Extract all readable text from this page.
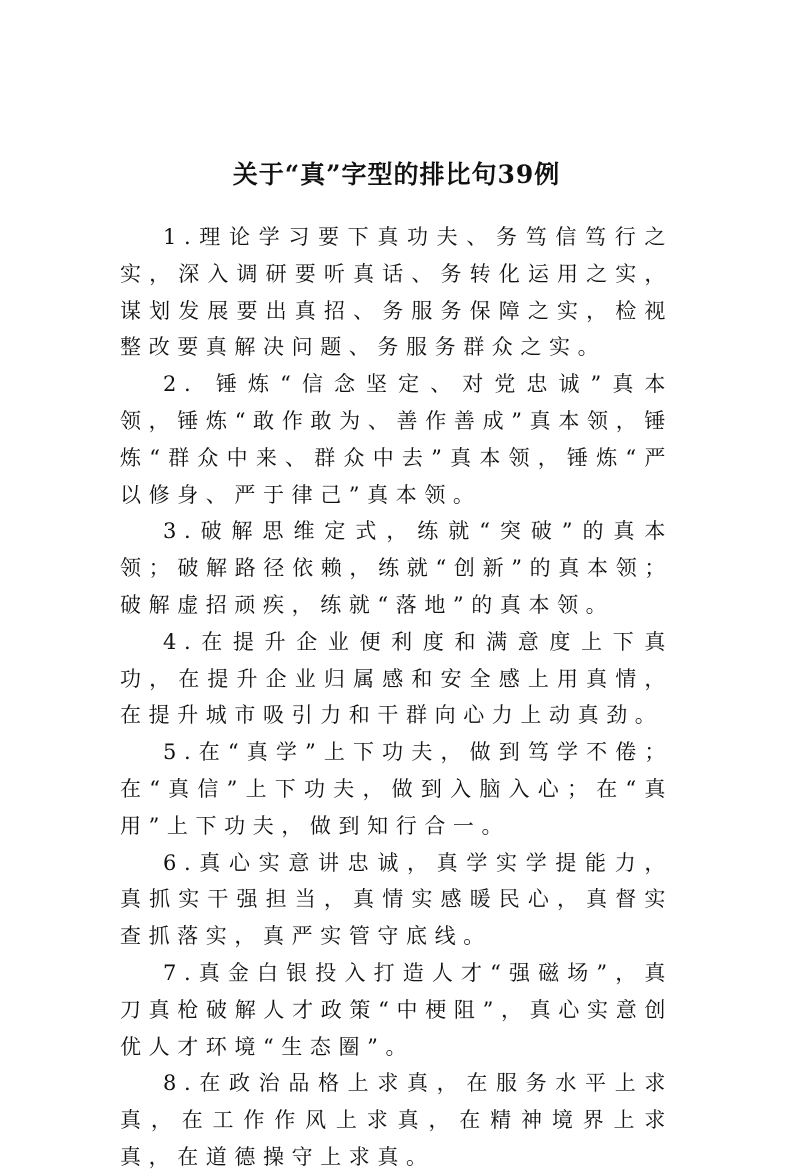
关于“真”字型的排比句39例

1.理论学习要下真功夫、务笃信笃行之实，深入调研要听真话、务转化运用之实，谋划发展要出真招、务服务保障之实，检视整改要真解决问题、务服务群众之实。

2. 锤炼“信念坚定、对党忠诚”真本领，锤炼“敢作敢为、善作善成”真本领，锤炼“群众中来、群众中去”真本领，锤炼“严以修身、严于律己”真本领。

3.破解思维定式，练就“突破”的真本领；破解路径依赖，练就“创新”的真本领；破解虚招顽疾，练就“落地”的真本领。

4.在提升企业便利度和满意度上下真功，在提升企业归属感和安全感上用真情，在提升城市吸引力和干群向心力上动真劲。

5.在“真学”上下功夫，做到笃学不倦；在“真信”上下功夫，做到入脑入心；在“真用”上下功夫，做到知行合一。

6.真心实意讲忠诚，真学实学提能力，真抓实干强担当，真情实感暖民心，真督实查抓落实，真严实管守底线。

7.真金白银投入打造人才“强磁场”，真刀真枪破解人才政策“中梗阻”，真心实意创优人才环境“生态圈”。

8.在政治品格上求真，在服务水平上求真，在工作作风上求真，在精神境界上求真，在道德操守上求真。
